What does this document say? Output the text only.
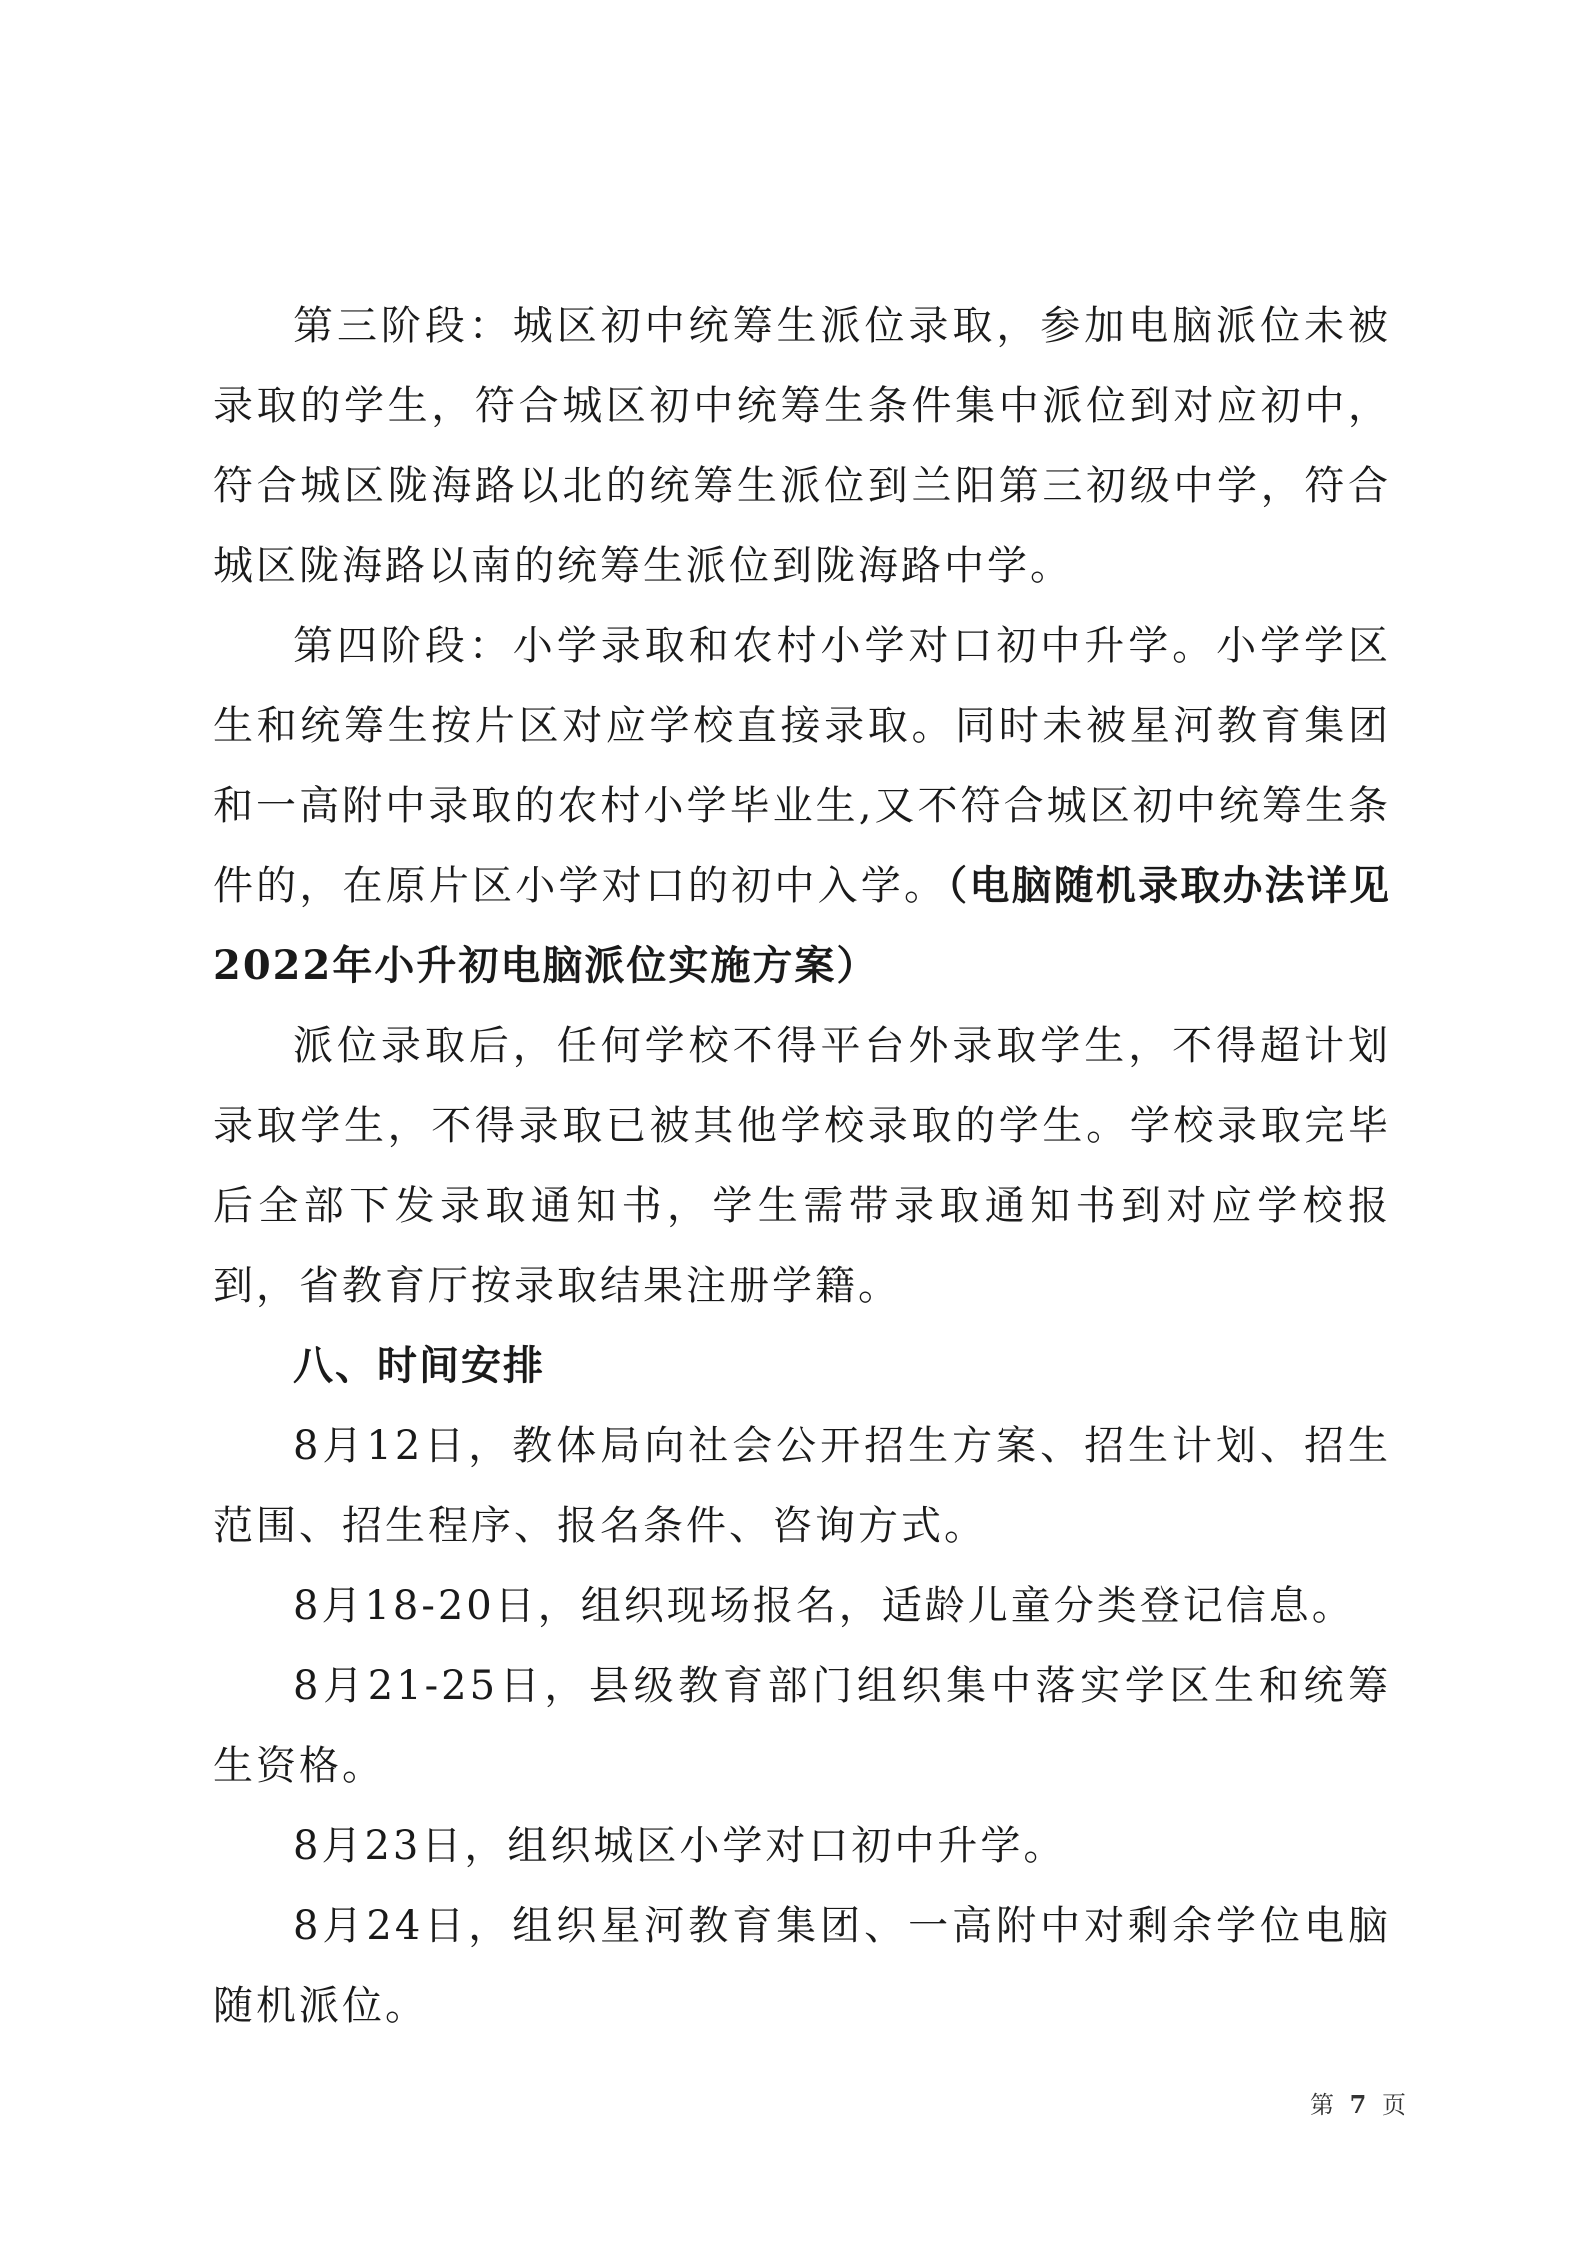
第三阶段：城区初中统筹生派位录取，参加电脑派位未被录取的学生，符合城区初中统筹生条件集中派位到对应初中，符合城区陇海路以北的统筹生派位到兰阳第三初级中学，符合城区陇海路以南的统筹生派位到陇海路中学。

第四阶段：小学录取和农村小学对口初中升学。小学学区生和统筹生按片区对应学校直接录取。同时未被星河教育集团和一高附中录取的农村小学毕业生,又不符合城区初中统筹生条件的，在原片区小学对口的初中入学。（电脑随机录取办法详见2022年小升初电脑派位实施方案）

派位录取后，任何学校不得平台外录取学生，不得超计划录取学生，不得录取已被其他学校录取的学生。学校录取完毕后全部下发录取通知书，学生需带录取通知书到对应学校报到，省教育厅按录取结果注册学籍。

八、时间安排

8月12日，教体局向社会公开招生方案、招生计划、招生范围、招生程序、报名条件、咨询方式。

8月18-20日，组织现场报名，适龄儿童分类登记信息。

8月21-25日，县级教育部门组织集中落实学区生和统筹生资格。

8月23日，组织城区小学对口初中升学。

8月24日，组织星河教育集团、一高附中对剩余学位电脑随机派位。

第 7 页
